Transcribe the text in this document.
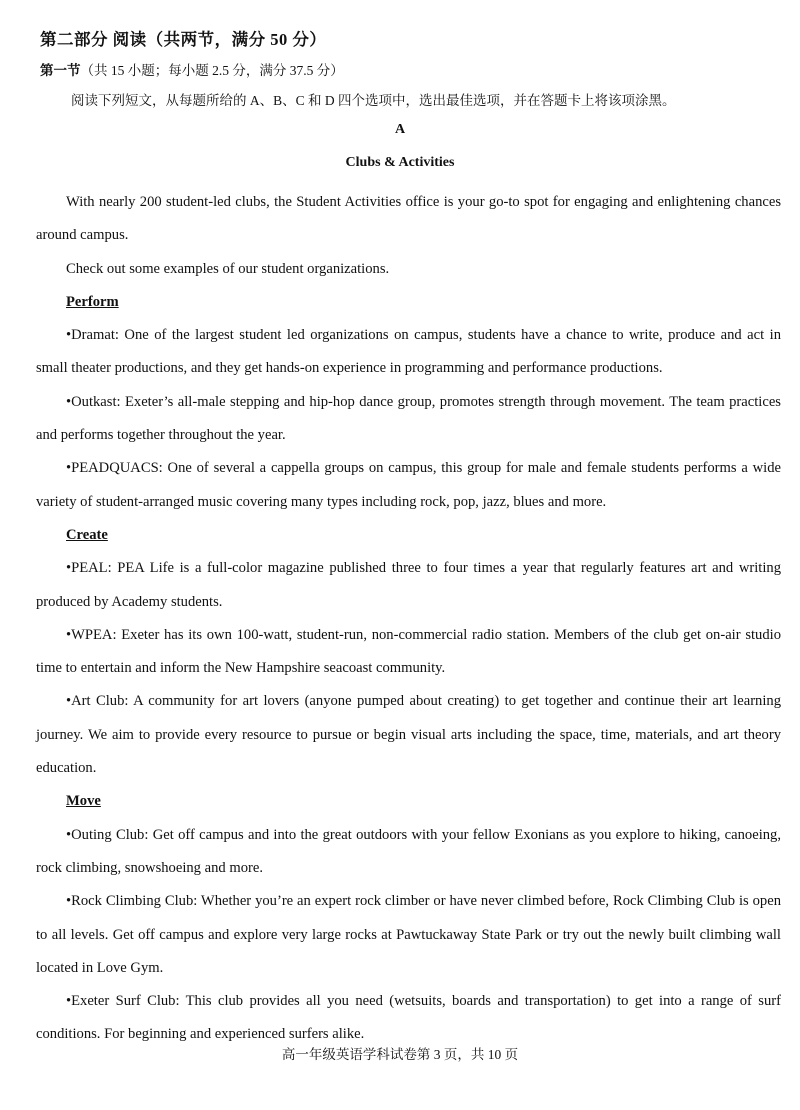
第二部分 阅读（共两节，满分 50 分）
第一节（共 15 小题；每小题 2.5 分，满分 37.5 分）
阅读下列短文，从每题所给的 A、B、C 和 D 四个选项中，选出最佳选项，并在答题卡上将该项涂黑。
A
Clubs & Activities

With nearly 200 student-led clubs, the Student Activities office is your go-to spot for engaging and enlightening chances around campus.

Check out some examples of our student organizations.

Perform

•Dramat: One of the largest student led organizations on campus, students have a chance to write, produce and act in small theater productions, and they get hands-on experience in programming and performance productions.

•Outkast: Exeter’s all-male stepping and hip-hop dance group, promotes strength through movement. The team practices and performs together throughout the year.

•PEADQUACS: One of several a cappella groups on campus, this group for male and female students performs a wide variety of student-arranged music covering many types including rock, pop, jazz, blues and more.

Create

•PEAL: PEA Life is a full-color magazine published three to four times a year that regularly features art and writing produced by Academy students.

•WPEA: Exeter has its own 100-watt, student-run, non-commercial radio station. Members of the club get on-air studio time to entertain and inform the New Hampshire seacoast community.

•Art Club: A community for art lovers (anyone pumped about creating) to get together and continue their art learning journey. We aim to provide every resource to pursue or begin visual arts including the space, time, materials, and art theory education.

Move

•Outing Club: Get off campus and into the great outdoors with your fellow Exonians as you explore to hiking, canoeing, rock climbing, snowshoeing and more.

•Rock Climbing Club: Whether you’re an expert rock climber or have never climbed before, Rock Climbing Club is open to all levels. Get off campus and explore very large rocks at Pawtuckaway State Park or try out the newly built climbing wall located in Love Gym.

•Exeter Surf Club: This club provides all you need (wetsuits, boards and transportation) to get into a range of surf conditions. For beginning and experienced surfers alike.

高一年级英语学科试卷第 3 页，共 10 页
